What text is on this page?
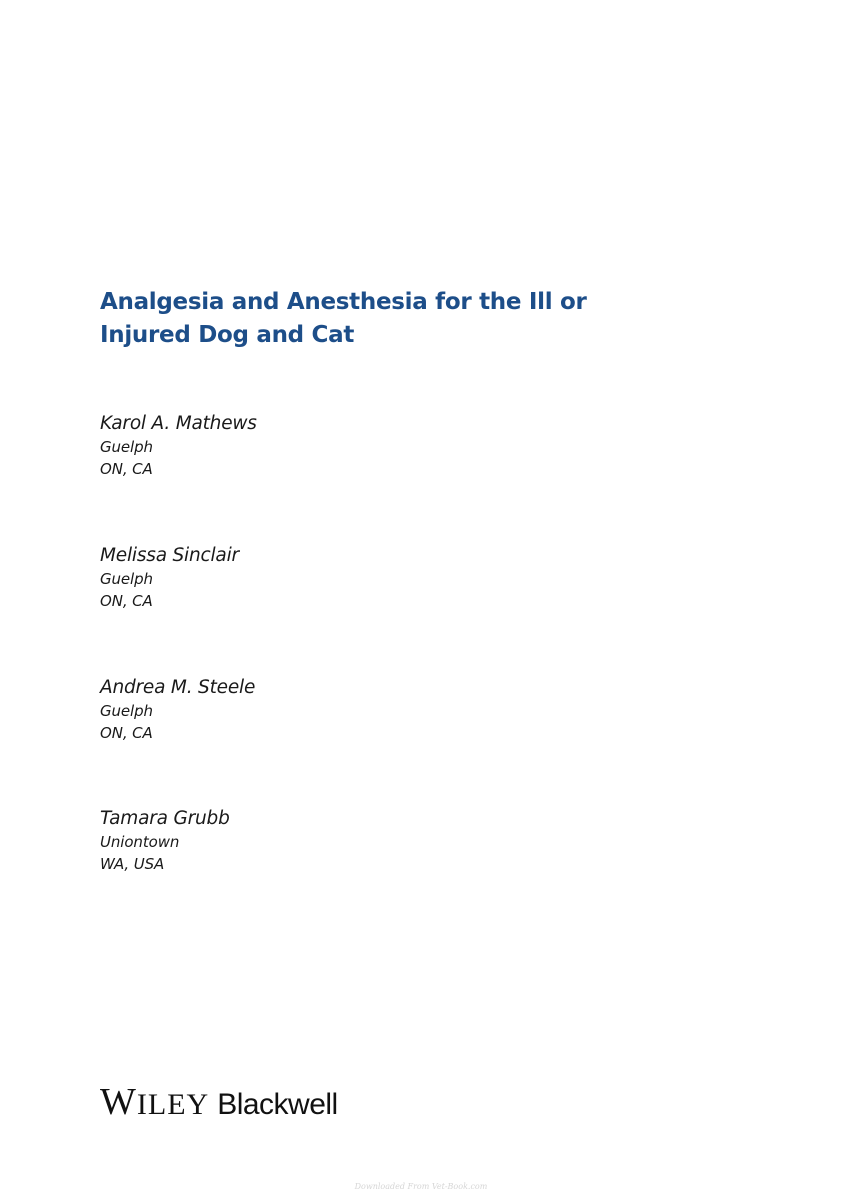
Analgesia and Anesthesia for the Ill or
Injured Dog and Cat
Karol A. Mathews
Guelph
ON, CA
Melissa Sinclair
Guelph
ON, CA
Andrea M. Steele
Guelph
ON, CA
Tamara Grubb
Uniontown
WA, USA
WILEY Blackwell
Downloaded From Vet-Book.com
